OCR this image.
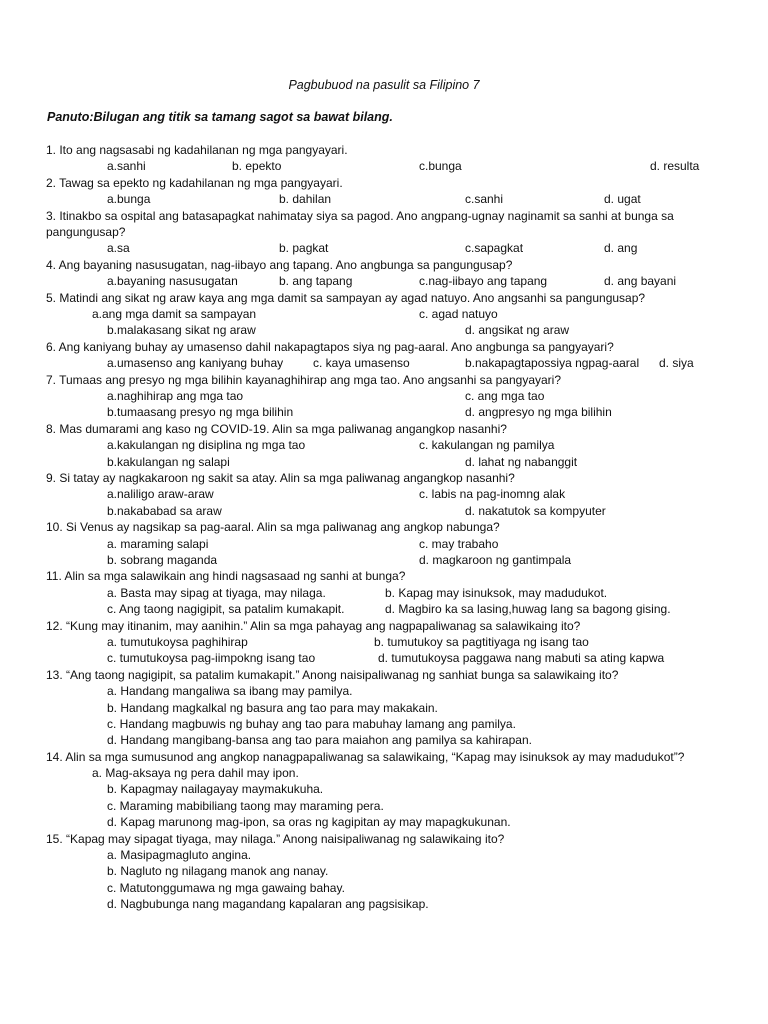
Pagbubuod na pasulit sa Filipino 7
Panuto:Bilugan ang titik sa tamang sagot sa bawat bilang.
1. Ito ang nagsasabi ng kadahilanan ng mga pangyayari.
a.sanhi	b. epekto	c.bunga	d. resulta
2. Tawag sa epekto ng kadahilanan ng mga pangyayari.
a.bunga	b. dahilan	c.sanhi	d. ugat
3. Itinakbo sa ospital ang batasapagkat nahimatay siya sa pagod. Ano angpang-ugnay naginamit sa sanhi at bunga sa pangungusap?
a.sa	b. pagkat	c.sapagkat	d. ang
4. Ang bayaning nasusugatan, nag-iibayo ang tapang. Ano angbunga sa pangungusap?
a.bayaning nasusugatan	b. ang tapang	c.nag-iibayo ang tapang	d. ang bayani
5. Matindi ang sikat ng araw kaya ang mga damit sa sampayan ay agad natuyo. Ano angsanhi sa pangungusap?
a.ang mga damit sa sampayan	c. agad natuyo
b.malakasang sikat ng araw	d. angsikat ng araw
6. Ang kaniyang buhay ay umasenso dahil nakapagtapos siya ng pag-aaral. Ano angbunga sa pangyayari?
a.umasenso ang kaniyang buhay c. kaya umasenso	b.nakapagtapossiya ngpag-aaral d. siya
7. Tumaas ang presyo ng mga bilihin kayanaghihirap ang mga tao. Ano angsanhi sa pangyayari?
a.naghihirap ang mga tao	c. ang mga tao
b.tumaasang presyo ng mga bilihin	d. angpresyo ng mga bilihin
8. Mas dumarami ang kaso ng COVID-19. Alin sa mga paliwanag angangkop nasanhi?
a.kakulangan ng disiplina ng mga tao	c. kakulangan ng pamilya
b.kakulangan ng salapi	d. lahat ng nabanggit
9. Si tatay ay nagkakaroon ng sakit sa atay. Alin sa mga paliwanag angangkop nasanhi?
a.naliligo araw-araw	c. labis na pag-inomng alak
b.nakababad sa araw	d. nakatutok sa kompyuter
10. Si Venus ay nagsikap sa pag-aaral. Alin sa mga paliwanag ang angkop nabunga?
a. maraming salapi	c. may trabaho
b. sobrang maganda	d. magkaroon ng gantimpala
11. Alin sa mga salawikain ang hindi nagsasaad ng sanhi at bunga?
a. Basta may sipag at tiyaga, may nilaga.	b. Kapag may isinuksok, may madudukot.
c. Ang taong nagigipit, sa patalim kumakapit.	d. Magbiro ka sa lasing,huwag lang sa bagong gising.
12. “Kung may itinanim, may aanihin.” Alin sa mga pahayag ang nagpapaliwanag sa salawikaing ito?
a. tumutukoysa paghihirap	b. tumutukoy sa pagtitiyaga ng isang tao
c. tumutukoysa pag-iimpokng isang tao	d. tumutukoysa paggawa nang mabuti sa ating kapwa
13. “Ang taong nagigipit, sa patalim kumakapit.” Anong naisipaliwanag ng sanhiat bunga sa salawikaing ito?
a. Handang mangaliwa sa ibang may pamilya.
b. Handang magkalkal ng basura ang tao para may makakain.
c. Handang magbuwis ng buhay ang tao para mabuhay lamang ang pamilya.
d. Handang mangibang-bansa ang tao para maiahon ang pamilya sa kahirapan.
14. Alin sa mga sumusunod ang angkop nanagpapaliwanag sa salawikaing, “Kapag may isinuksok ay may madudukot”?
a. Mag-aksaya ng pera dahil may ipon.
b. Kapagmay nailagayay maymakukuha.
c. Maraming mabibiliang taong may maraming pera.
d. Kapag marunong mag-ipon, sa oras ng kagipitan ay may mapagkukunan.
15. “Kapag may sipagat tiyaga, may nilaga.” Anong naisipaliwanag ng salawikaing ito?
a. Masipagmagluto angina.
b. Nagluto ng nilagang manok ang nanay.
c. Matutonggumawa ng mga gawaing bahay.
d. Nagbubunga nang magandang kapalaran ang pagsisikap.
